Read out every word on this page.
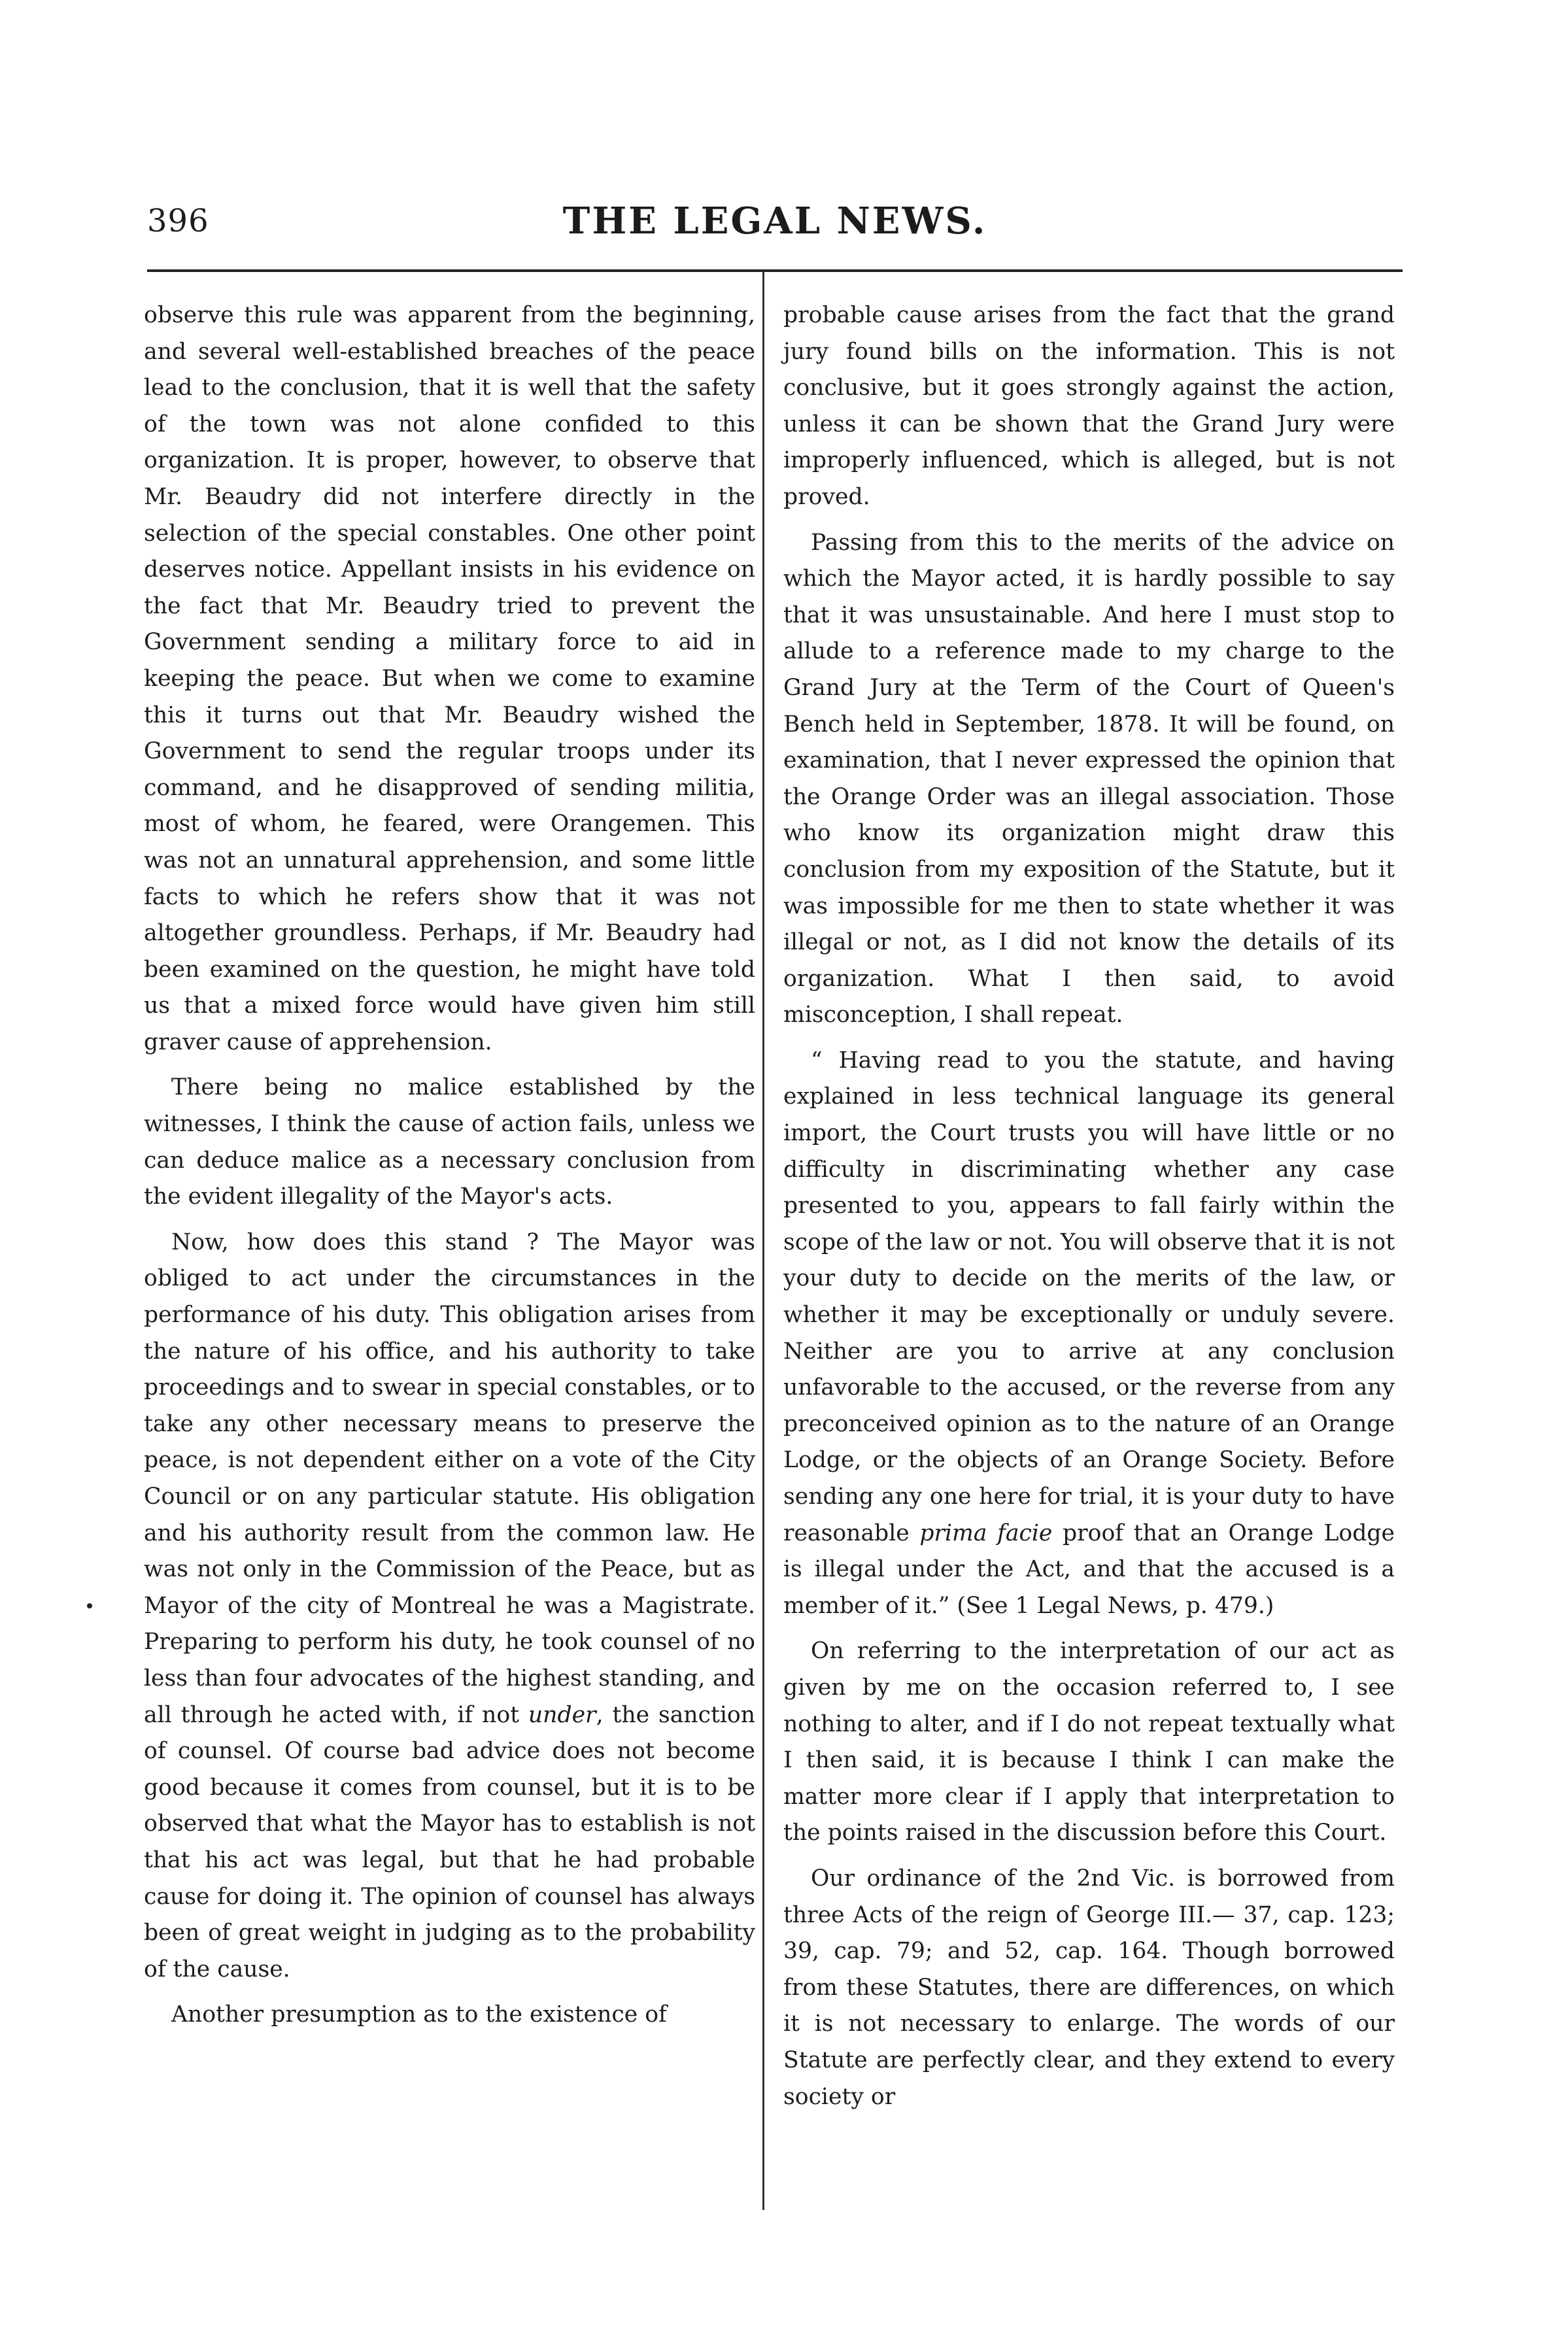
396	THE LEGAL NEWS.

observe this rule was apparent from the beginning, and several well-established breaches of the peace lead to the conclusion, that it is well that the safety of the town was not alone confided to this organization. It is proper, however, to observe that Mr. Beaudry did not interfere directly in the selection of the special constables. One other point deserves notice. Appellant insists in his evidence on the fact that Mr. Beaudry tried to prevent the Government sending a military force to aid in keeping the peace. But when we come to examine this it turns out that Mr. Beaudry wished the Government to send the regular troops under its command, and he disapproved of sending militia, most of whom, he feared, were Orangemen. This was not an unnatural apprehension, and some little facts to which he refers show that it was not altogether groundless. Perhaps, if Mr. Beaudry had been examined on the question, he might have told us that a mixed force would have given him still graver cause of apprehension.

There being no malice established by the witnesses, I think the cause of action fails, unless we can deduce malice as a necessary conclusion from the evident illegality of the Mayor's acts.

Now, how does this stand ? The Mayor was obliged to act under the circumstances in the performance of his duty. This obligation arises from the nature of his office, and his authority to take proceedings and to swear in special constables, or to take any other necessary means to preserve the peace, is not dependent either on a vote of the City Council or on any particular statute. His obligation and his authority result from the common law. He was not only in the Commission of the Peace, but as Mayor of the city of Montreal he was a Magistrate. Preparing to perform his duty, he took counsel of no less than four advocates of the highest standing, and all through he acted with, if not under, the sanction of counsel. Of course bad advice does not become good because it comes from counsel, but it is to be observed that what the Mayor has to establish is not that his act was legal, but that he had probable cause for doing it. The opinion of counsel has always been of great weight in judging as to the probability of the cause.

Another presumption as to the existence of

probable cause arises from the fact that the grand jury found bills on the information. This is not conclusive, but it goes strongly against the action, unless it can be shown that the Grand Jury were improperly influenced, which is alleged, but is not proved.

Passing from this to the merits of the advice on which the Mayor acted, it is hardly possible to say that it was unsustainable. And here I must stop to allude to a reference made to my charge to the Grand Jury at the Term of the Court of Queen's Bench held in September, 1878. It will be found, on examination, that I never expressed the opinion that the Orange Order was an illegal association. Those who know its organization might draw this conclusion from my exposition of the Statute, but it was impossible for me then to state whether it was illegal or not, as I did not know the details of its organization. What I then said, to avoid misconception, I shall repeat.

“ Having read to you the statute, and having explained in less technical language its general import, the Court trusts you will have little or no difficulty in discriminating whether any case presented to you, appears to fall fairly within the scope of the law or not. You will observe that it is not your duty to decide on the merits of the law, or whether it may be exceptionally or unduly severe. Neither are you to arrive at any conclusion unfavorable to the accused, or the reverse from any preconceived opinion as to the nature of an Orange Lodge, or the objects of an Orange Society. Before sending any one here for trial, it is your duty to have reasonable prima facie proof that an Orange Lodge is illegal under the Act, and that the accused is a member of it.” (See 1 Legal News, p. 479.)

On referring to the interpretation of our act as given by me on the occasion referred to, I see nothing to alter, and if I do not repeat textually what I then said, it is because I think I can make the matter more clear if I apply that interpretation to the points raised in the discussion before this Court.

Our ordinance of the 2nd Vic. is borrowed from three Acts of the reign of George III.— 37, cap. 123; 39, cap. 79; and 52, cap. 164. Though borrowed from these Statutes, there are differences, on which it is not necessary to enlarge. The words of our Statute are perfectly clear, and they extend to every society or
